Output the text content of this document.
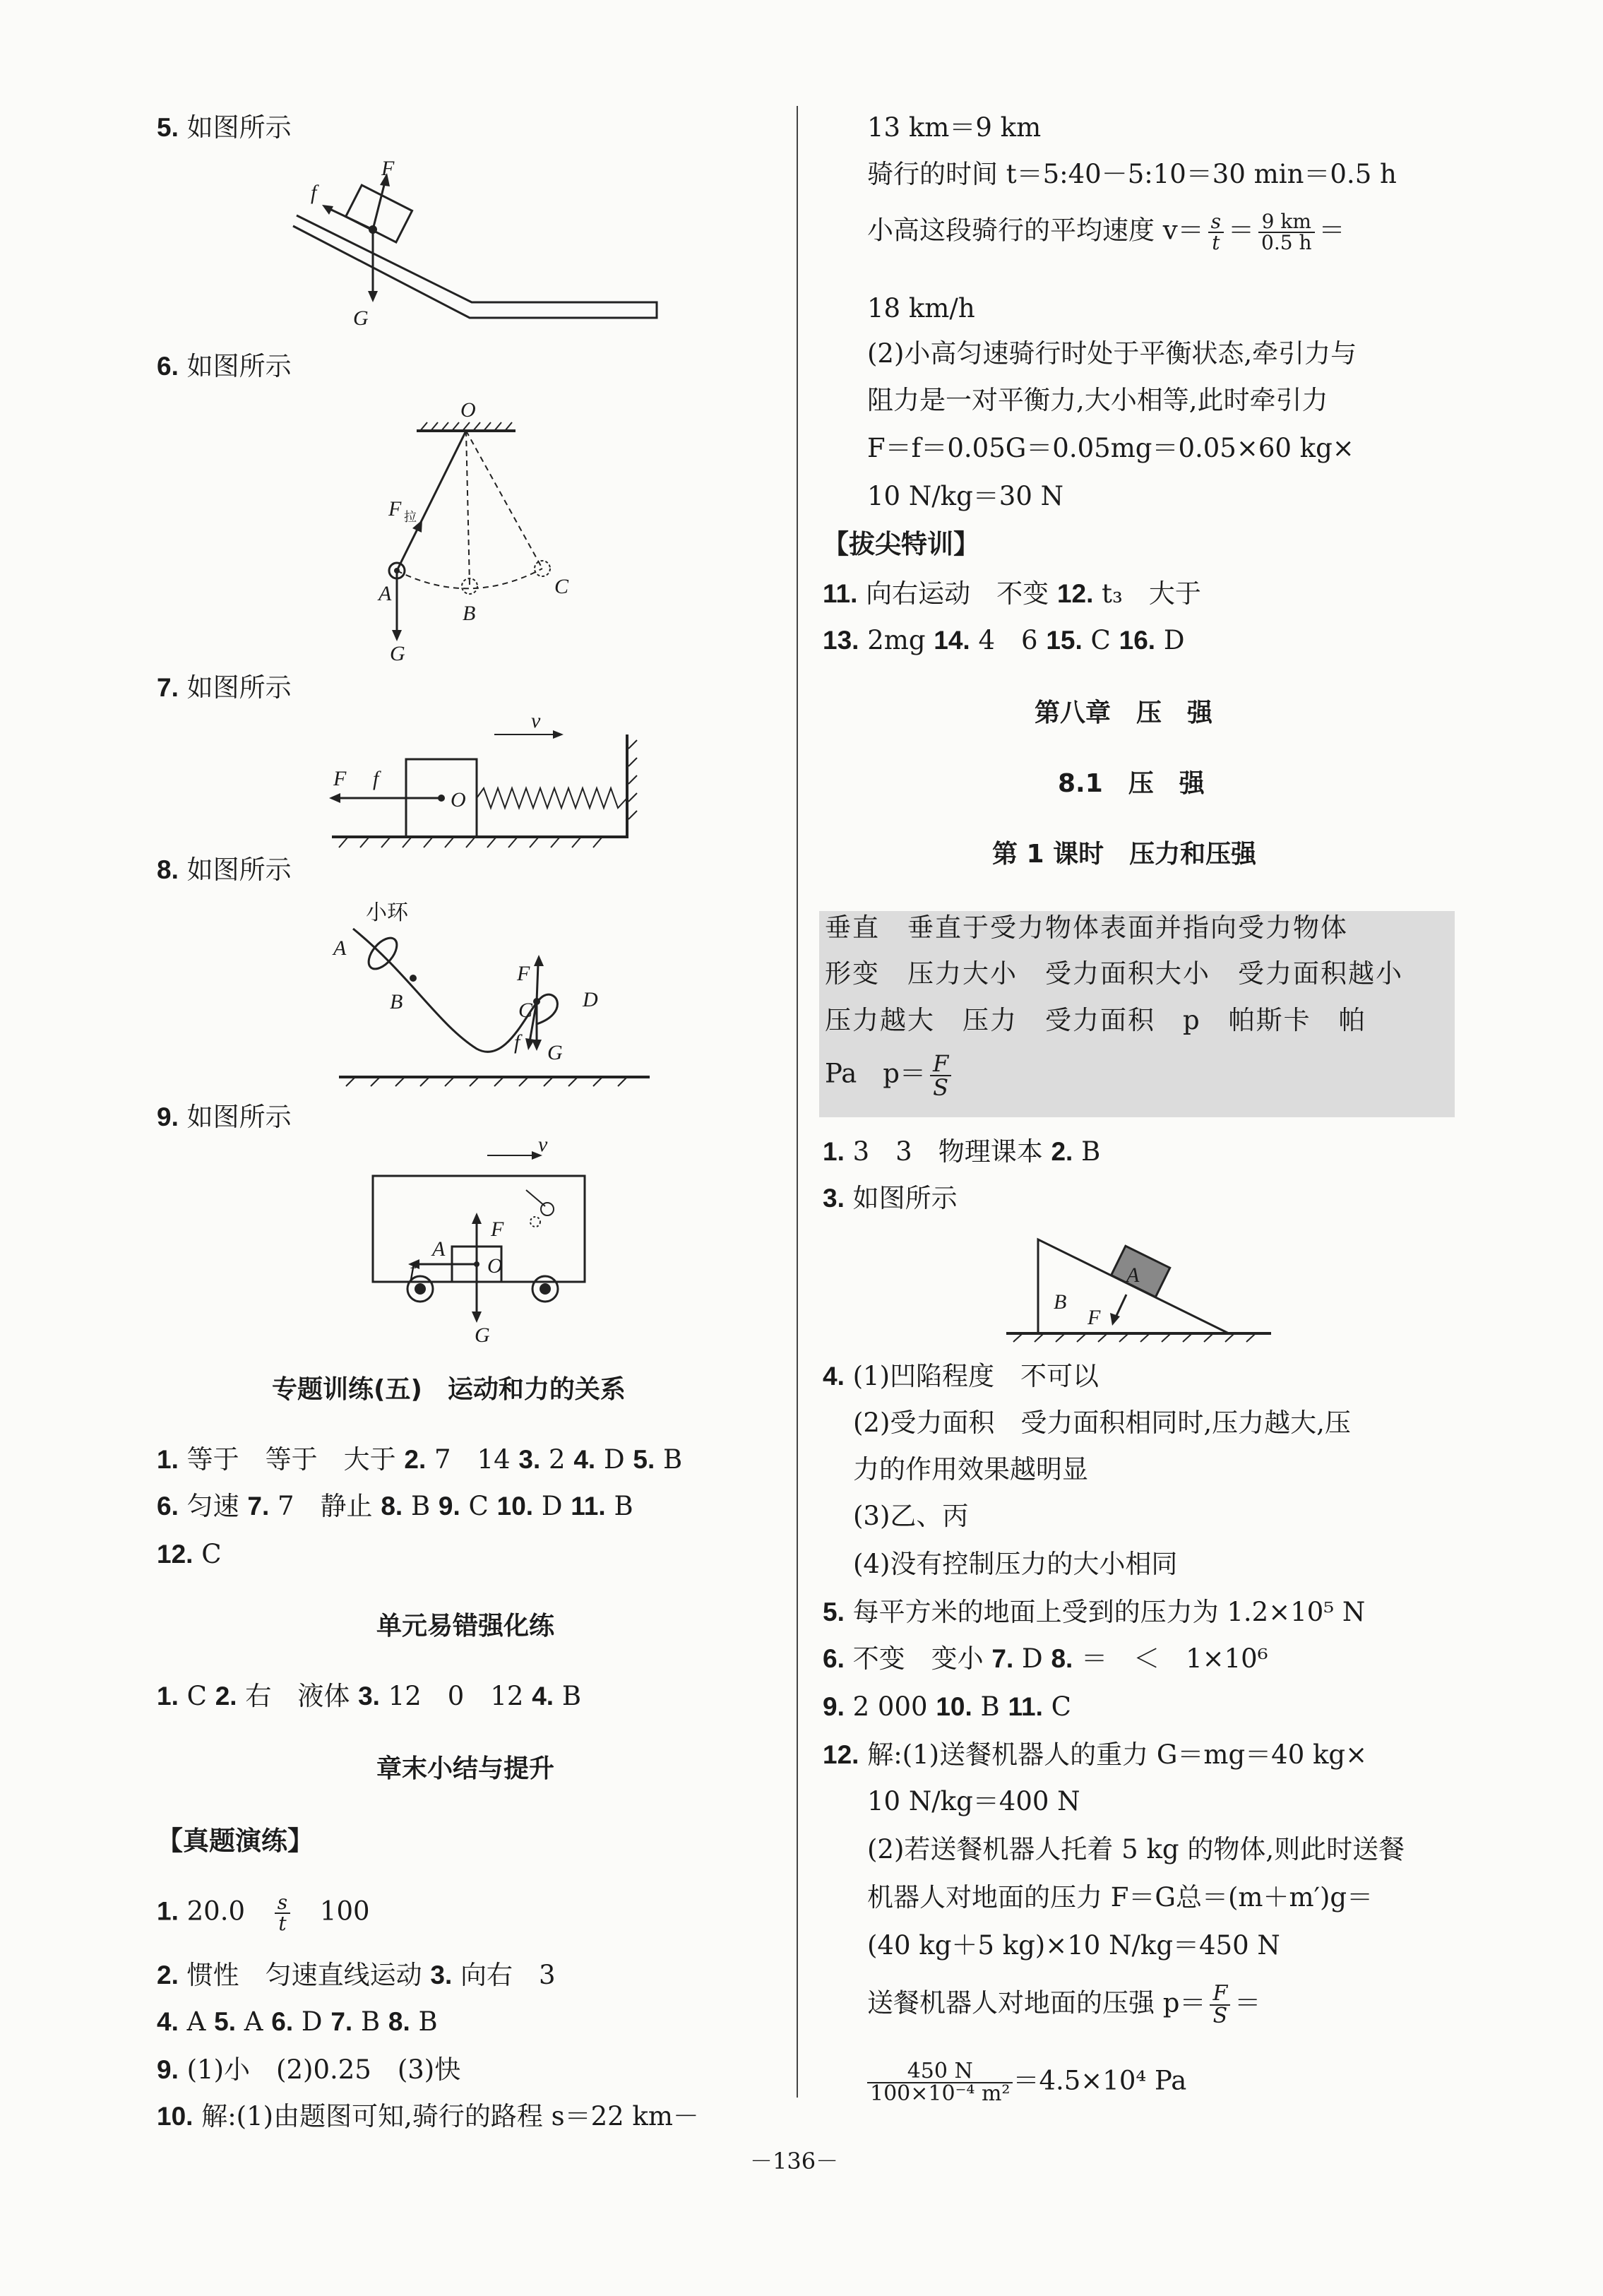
5. 如图所示
F
f
G
6. 如图所示
O
F 拉
A
B
C
G
7. 如图所示
v
F f
O
8. 如图所示
小环
A
B
F
C D
f G
9. 如图所示
v
F
A
f	O
G
专题训练(五)　运动和力的关系
1. 等于　等于　大于 2. 7　14 3. 2 4. D 5. B
6. 匀速 7. 7　静止 8. B 9. C 10. D 11. B
12. C
单元易错强化练
1. C 2. 右　液体 3. 12　0　12 4. B
章末小结与提升
【真题演练】
1. $20.0 \frac{s}{t} 100$
2. 惯性　匀速直线运动 3. 向右　3
4. A 5. A 6. D 7. B 8. B
9. (1)小　(2)0.25　(3)快
10. 解:(1)由题图可知,骑行的路程 s＝22 km－
13 km＝9 km
骑行的时间 t＝5:40－5:10＝30 min＝0.5 h
小高这段骑行的平均速度 $v= \frac{s}{t} = \frac{9 km}{0.5 h}$ ＝
18 km/h
(2)小高匀速骑行时处于平衡状态,牵引力与
阻力是一对平衡力,大小相等,此时牵引力
F＝f＝0.05G＝0.05mg＝0.05×60 kg×
10 N/kg＝30 N
【拔尖特训】
11. 向右运动　不变 12. t₃　大于
13. 2mg 14. 4　6 15. C 16. D
第八章　压　强
8.1　压　强
第 1 课时　压力和压强
垂直　垂直于受力物体表面并指向受力物体
形变　压力大小　受力面积大小　受力面积越小
压力越大　压力　受力面积　p　帕斯卡　帕
Pa　$p= \frac{F}{S}$
1. 3　3　物理课本 2. B
3. 如图所示
A
B
F
4. (1)凹陷程度　不可以
(2)受力面积　受力面积相同时,压力越大,压
力的作用效果越明显
(3)乙、丙
(4)没有控制压力的大小相同
5. 每平方米的地面上受到的压力为 1.2×10⁵ N
6. 不变　变小 7. D 8. ＝　＜　1×10⁶
9. 2 000 10. B 11. C
12. 解:(1)送餐机器人的重力 G＝mg＝40 kg×
10 N/kg＝400 N
(2)若送餐机器人托着 5 kg 的物体,则此时送餐
机器人对地面的压力 F＝G总＝(m＋m′)g＝
(40 kg＋5 kg)×10 N/kg＝450 N
送餐机器人对地面的压强 $p= \frac{F}{S}$ ＝
$\frac{450 N}{\text{100×10⁻⁴ m²}} =4.5\times 10^4$ Pa
－136－
